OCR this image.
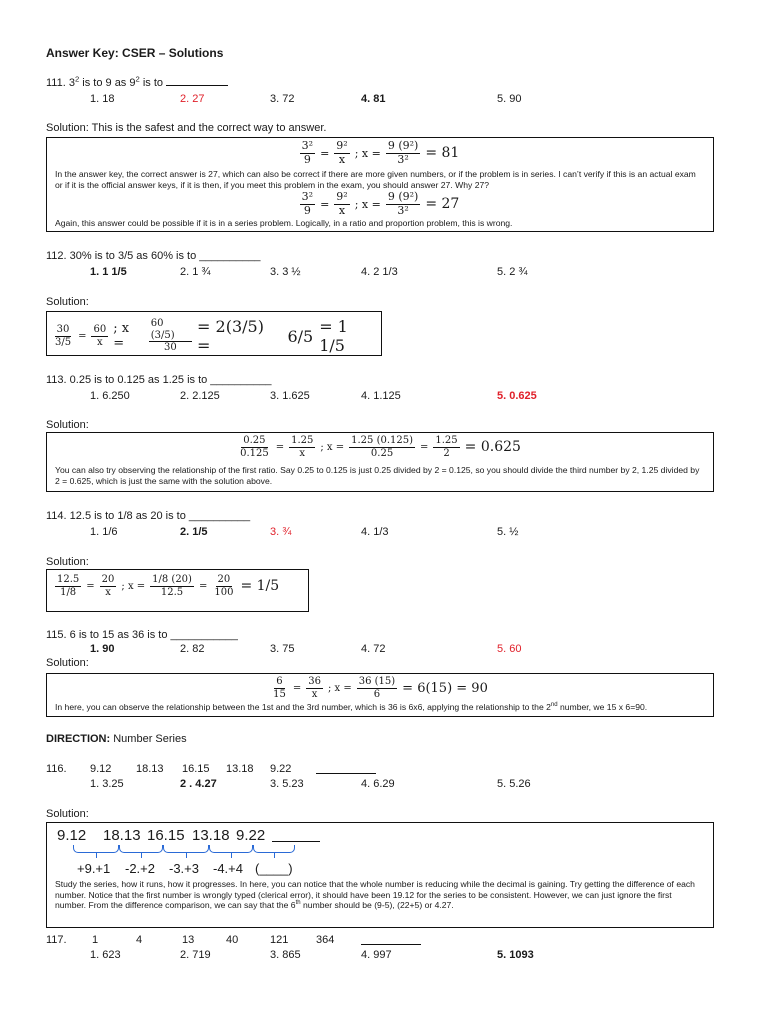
Answer Key: CSER – Solutions
111. $3^2$ is to 9 as $9^2$ is to
1. 18	2. 27	3. 72	4. 81	5. 90
Solution: This is the safest and the correct way to answer.
$\frac{\text{3²}}{9} = \frac{\text{9²}}{x}$ ; $x = \frac{\text{9 (9²)}}{\text{3²}} = 81$
In the answer key, the correct answer is 27, which can also be correct if there are more given numbers, or if the problem is in series. I can’t verify if this is an actual exam or if it is the official answer keys, if it is then, if you meet this problem in the exam, you should answer 27. Why 27?
$\frac{\text{3²}}{9} = \frac{\text{9²}}{x}$ ; $x = \frac{\text{9 (9²)}}{\text{3²}} = 27$
Again, this answer could be possible if it is in a series problem. Logically, in a ratio and proportion problem, this is wrong.
112. 30% is to 3/5 as 60% is to __________
1. 1 1/5	2. 1 ¾	3. 3 ½	4. 2 1/3	5. 2 ¾
Solution:
$\frac{30}{3/5} = \frac{60}{x}$ ; x =	$\frac{60 (3/5)}{30} = 2(3/5)$ =	6/5 = 1 1/5
113. 0.25 is to 0.125 as 1.25 is to __________
1. 6.250	2. 2.125	3. 1.625	4. 1.125	5. 0.625
Solution:
$\frac{0.25}{0.125} = \frac{1.25}{x}$ ; $x = \frac{1.25 (0.125)}{0.25} = \frac{1.25}{2} = 0.625$
You can also try observing the relationship of the first ratio. Say 0.25 to 0.125 is just 0.25 divided by 2 = 0.125, so you should divide the third number by 2, 1.25 divided by 2 = 0.625, which is just the same with the solution above.
114. 12.5 is to 1/8 as 20 is to __________
1. 1/6	2. 1/5	3. ¾	4. 1/3	5. ½
Solution:
$\frac{12.5}{1/8} = \frac{20}{x}$ ; $x = \frac{1/8 (20)}{12.5} = \frac{20}{100} = 1/5$
115. 6 is to 15 as 36 is to ___________
1. 90	2. 82	3. 75	4. 72	5. 60
Solution:
$\frac{6}{15} = \frac{36}{x}$ ; $x = \frac{36 (15)}{6} = 6(15) = 90$
In here, you can observe the relationship between the 1st and the 3rd number, which is 36 is 6x6, applying the relationship to the 2nd number, we 15 x 6=90.
DIRECTION: Number Series
116. 9.12 18.13 16.15 13.18 9.22
1. 3.25	2 . 4.27	3. 5.23	4. 6.29	5. 5.26
Solution:
9.12 18.13 16.15 13.18 9.22
+9.+1 -2.+2 -3.+3 -4.+4 (____)
Study the series, how it runs, how it progresses. In here, you can notice that the whole number is reducing while the decimal is gaining. Try getting the difference of each number. Notice that the first number is wrongly typed (clerical error), it should have been 19.12 for the series to be consistent. However, we can just ignore the first number. From the difference comparison, we can say that the 6th number should be (9-5), (22+5) or 4.27.
117. 1	4	13	40	121	364
1. 623	2. 719	3. 865	4. 997	5. 1093
